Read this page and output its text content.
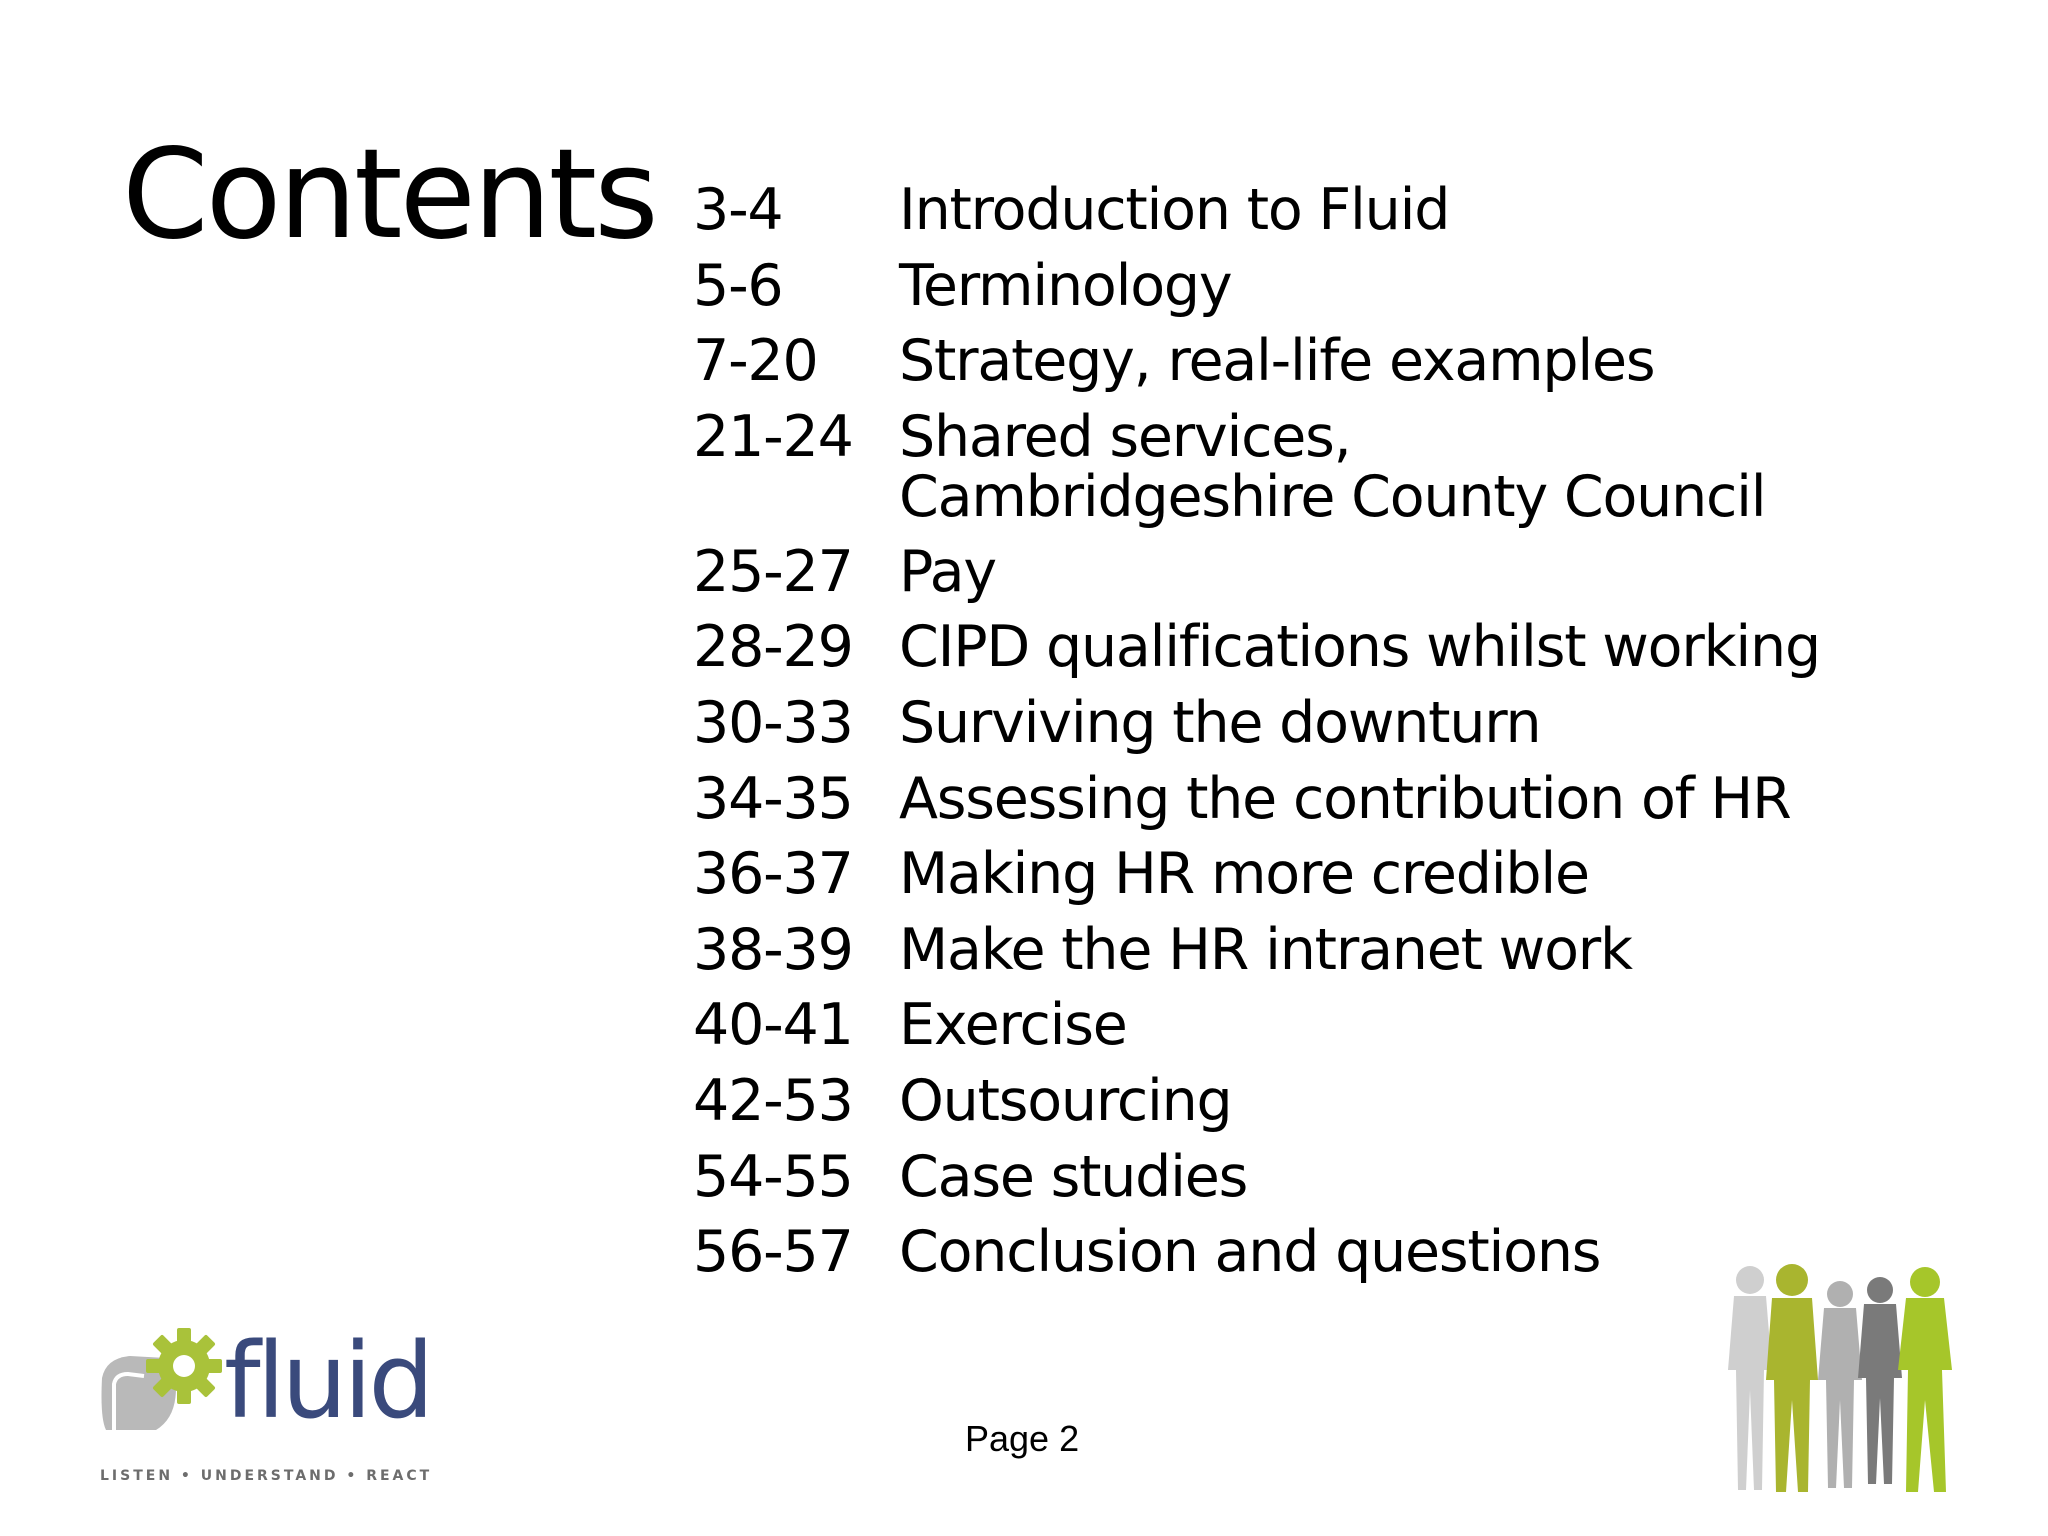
Contents 3-4	Introduction to Fluid
5-6	Terminology
7-20	Strategy, real-life examples
21-24 Shared services, Cambridgeshire County Council
25-27 Pay
28-29 CIPD qualifications whilst working
30-33 Surviving the downturn
34-35 Assessing the contribution of HR
36-37 Making HR more credible
38-39 Make the HR intranet work
40-41 Exercise
42-53 Outsourcing
54-55 Case studies
56-57 Conclusion and questions
fluid
LISTEN • UNDERSTAND • REACT
Page 2
